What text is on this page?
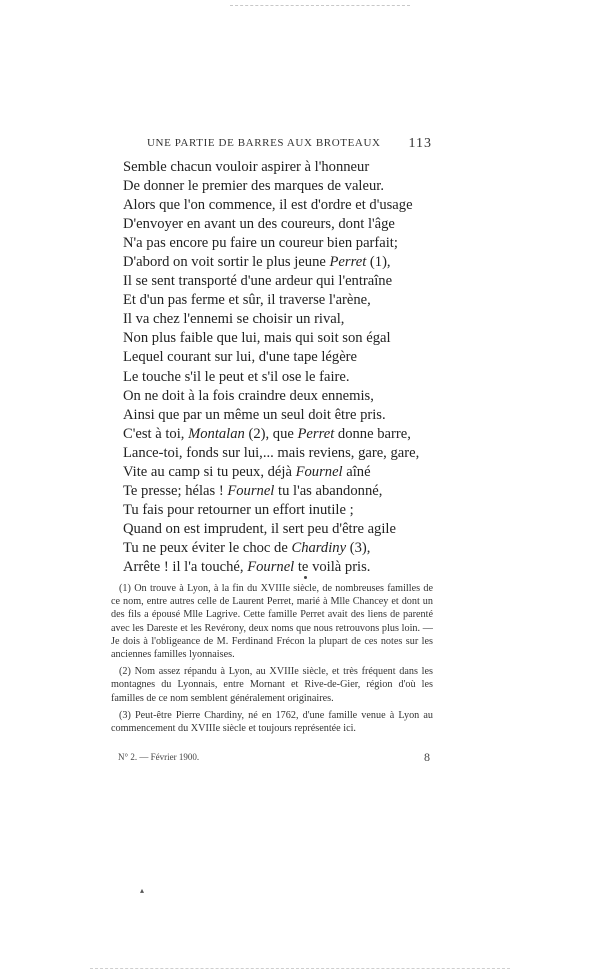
UNE PARTIE DE BARRES AUX BROTEAUX 113
Semble chacun vouloir aspirer à l'honneur
De donner le premier des marques de valeur.
Alors que l'on commence, il est d'ordre et d'usage
D'envoyer en avant un des coureurs, dont l'âge
N'a pas encore pu faire un coureur bien parfait;
D'abord on voit sortir le plus jeune Perret (1),
Il se sent transporté d'une ardeur qui l'entraîne
Et d'un pas ferme et sûr, il traverse l'arène,
Il va chez l'ennemi se choisir un rival,
Non plus faible que lui, mais qui soit son égal
Lequel courant sur lui, d'une tape légère
Le touche s'il le peut et s'il ose le faire.
On ne doit à la fois craindre deux ennemis,
Ainsi que par un même un seul doit être pris.
C'est à toi, Montalan (2), que Perret donne barre,
Lance-toi, fonds sur lui,... mais reviens, gare, gare,
Vite au camp si tu peux, déjà Fournel aîné
Te presse; hélas ! Fournel tu l'as abandonné,
Tu fais pour retourner un effort inutile ;
Quand on est imprudent, il sert peu d'être agile
Tu ne peux éviter le choc de Chardiny (3),
Arrête ! il l'a touché, Fournel te voilà pris.
(1) On trouve à Lyon, à la fin du XVIIIe siècle, de nombreuses familles de ce nom, entre autres celle de Laurent Perret, marié à Mlle Chancey et dont un des fils a épousé Mlle Lagrive. Cette famille Perret avait des liens de parenté avec les Dareste et les Revérony, deux noms que nous retrouvons plus loin. — Je dois à l'obligeance de M. Ferdinand Frécon la plupart de ces notes sur les anciennes familles lyonnaises.
(2) Nom assez répandu à Lyon, au XVIIIe siècle, et très fréquent dans les montagnes du Lyonnais, entre Mornant et Rive-de-Gier, région d'où les familles de ce nom semblent généralement originaires.
(3) Peut-être Pierre Chardiny, né en 1762, d'une famille venue à Lyon au commencement du XVIIIe siècle et toujours représentée ici.
N° 2. — Février 1900.	8
▴
